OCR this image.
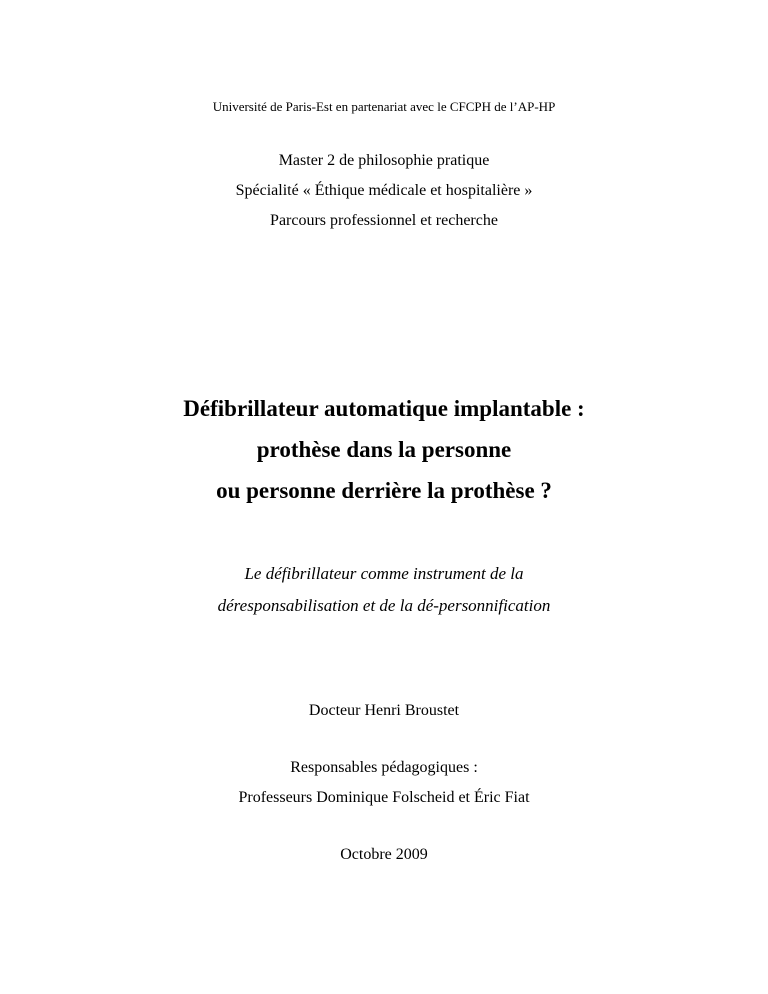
Université de Paris-Est en partenariat avec le CFCPH de l’AP-HP
Master 2 de philosophie pratique
Spécialité « Éthique médicale et hospitalière »
Parcours professionnel et recherche
Défibrillateur automatique implantable :
prothèse dans la personne
ou personne derrière la prothèse ?
Le défibrillateur comme instrument de la
déresponsabilisation et de la dé-personnification
Docteur Henri Broustet
Responsables pédagogiques :
Professeurs Dominique Folscheid et Éric Fiat
Octobre 2009
